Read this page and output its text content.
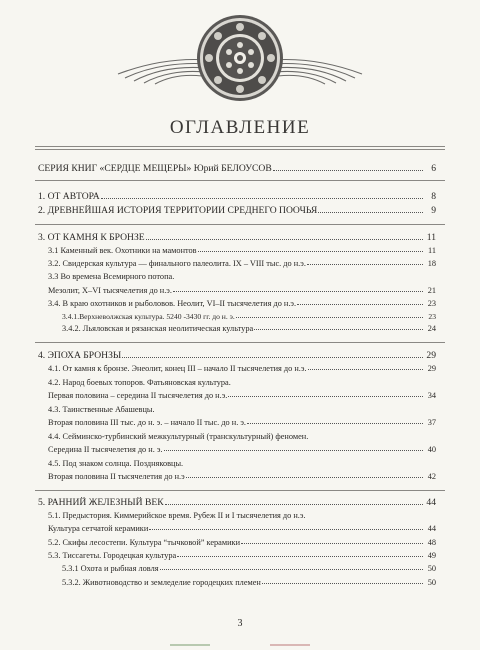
ОГЛАВЛЕНИЕ
СЕРИЯ КНИГ «СЕРДЦЕ МЕЩЕРЫ» Юрий БЕЛОУСОВ	6
1. ОТ АВТОРА	8
2. ДРЕВНЕЙШАЯ ИСТОРИЯ ТЕРРИТОРИИ СРЕДНЕГО ПООЧЬЯ	9
3. ОТ КАМНЯ К БРОНЗЕ	11
3.1 Каменный век. Охотники на мамонтов	11
3.2. Свидерская культура — финального палеолита. IX – VIII тыс. до н.э.	18
3.3 Во времена Всемирного потопа.
Мезолит, X–VI тысячелетия до н.э.	21
3.4. В краю охотников и рыболовов. Неолит, VI–II тысячелетия до н.э.	23
3.4.1.Верхневолжская культура. 5240 -3430 гг. до н. э.	23
3.4.2. Льяловская и рязанская неолитическая культура	24
4. ЭПОХА БРОНЗЫ	29
4.1. От камня к бронзе. Энеолит, конец III – начало II тысячелетия до н.э.	29
4.2. Народ боевых топоров. Фатьяновская культура.
Первая половина – середина II тысячелетия до н.э.	34
4.3. Таинственные Абашевцы.
Вторая половина III тыс. до н. э. – начало II тыс. до н. э.	37
4.4. Сейминско-турбинский межкультурный (транскультурный) феномен.
Середина II тысячелетия до н. э.	40
4.5. Под знаком солнца. Поздняковцы.
Вторая половина II тысячелетия до н.э	42
5. РАННИЙ ЖЕЛЕЗНЫЙ ВЕК	44
5.1. Предыстория. Киммерийское время. Рубеж II и I тысячелетия до н.э.
Культура сетчатой керамики	44
5.2. Скифы лесостепи. Культура “тычковой” керамики	48
5.3. Тиссагеты. Городецкая культура	49
5.3.1 Охота и рыбная ловля	50
5.3.2. Животноводство и земледелие городецких племен	50
3
